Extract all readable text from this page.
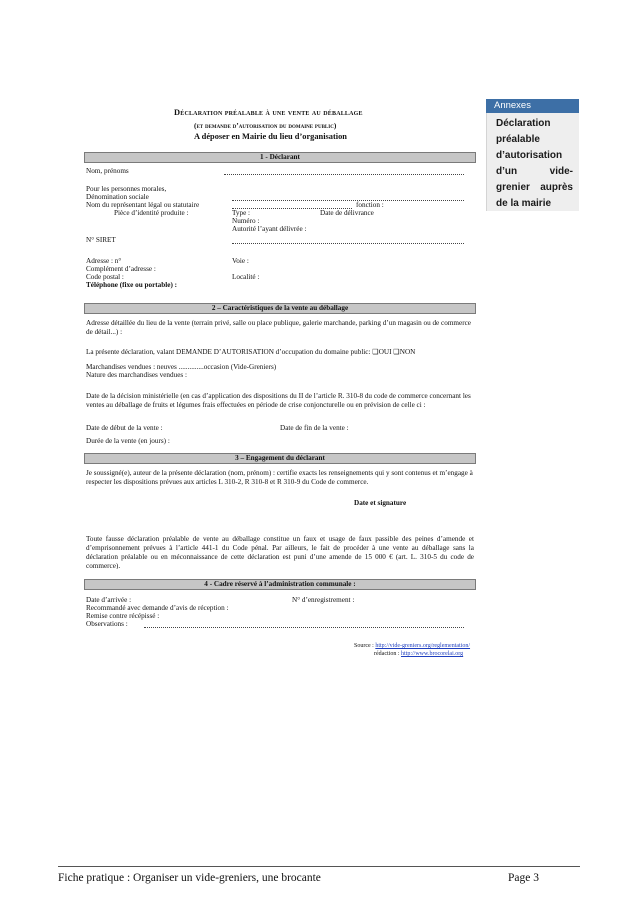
Déclaration préalable à une vente au déballage
(et demande d’autorisation du domaine public)
A déposer en Mairie du lieu d’organisation
1 - Déclarant
Nom, prénoms
Pour les personnes morales,
Dénomination sociale
Nom du représentant légal ou statutaire	fonction :
Pièce d’identité produite :	Type :	Date de délivrance
Numéro :
Autorité l’ayant délivrée :
N° SIRET
Adresse : n°	Voie :
Complément d’adresse :
Code postal :	Localité :
Téléphone (fixe ou portable) :
2 – Caractéristiques de la vente au déballage
Adresse détaillée du lieu de la vente (terrain privé, salle ou place publique, galerie marchande, parking d’un magasin ou de commerce de détail...) :
La présente déclaration, valant DEMANDE D’AUTORISATION d’occupation du domaine public: ❑OUI ❑NON
Marchandises vendues : neuves ..............occasion (Vide-Greniers)
Nature des marchandises vendues :
Date de la décision ministérielle (en cas d’application des dispositions du II de l’article R. 310-8 du code de commerce concernant les ventes au déballage de fruits et légumes frais effectuées en période de crise conjoncturelle ou en prévision de celle ci :
Date de début de la vente :	Date de fin de la vente :
Durée de la vente (en jours) :
3 – Engagement du déclarant
Je soussigné(e), auteur de la présente déclaration (nom, prénom) : certifie exacts les renseignements qui y sont contenus et m’engage à respecter les dispositions prévues aux articles L 310-2, R 310-8 et R 310-9 du Code de commerce.
Date et signature
Toute fausse déclaration préalable de vente au déballage constitue un faux et usage de faux passible des peines d’amende et d’emprisonnement prévues à l’article 441-1 du Code pénal. Par ailleurs, le fait de procéder à une vente au déballage sans la déclaration préalable ou en méconnaissance de cette déclaration est puni d’une amende de 15 000 € (art. L. 310-5 du code de commerce).
4 - Cadre réservé à l’administration communale :
Date d’arrivée :	N° d’enregistrement :
Recommandé avec demande d’avis de réception :
Remise contre récépissé :
Observations :
Source : http://vide-greniers.org/reglementation/
rédaction : http://www.brocorelai.org
Annexes

Déclaration préalable d’autorisation d’un vide-grenier auprès de la mairie

Fiche pratique : Organiser un vide-greniers, une brocante	Page 3
